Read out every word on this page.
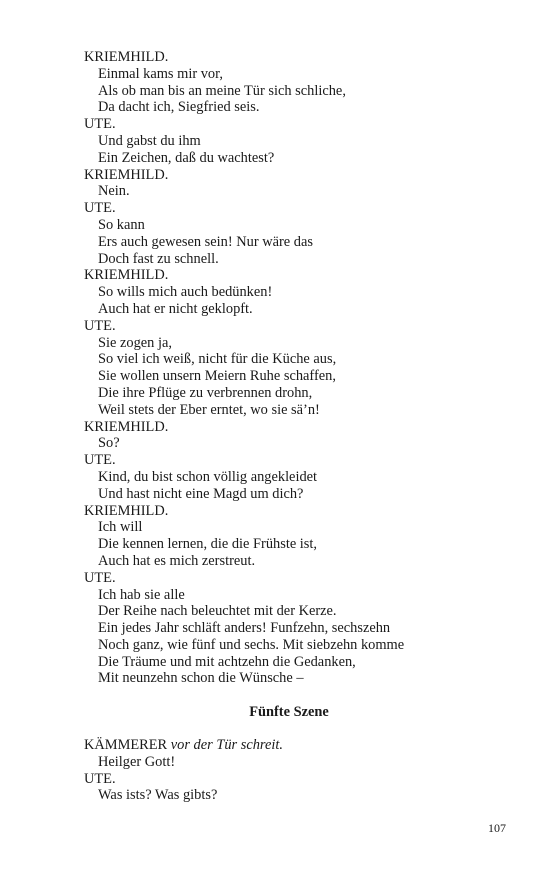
KRIEMHILD.
Einmal kams mir vor,
Als ob man bis an meine Tür sich schliche,
Da dacht ich, Siegfried seis.
UTE.
Und gabst du ihm
Ein Zeichen, daß du wachtest?
KRIEMHILD.
Nein.
UTE.
So kann
Ers auch gewesen sein! Nur wäre das
Doch fast zu schnell.
KRIEMHILD.
So wills mich auch bedünken!
Auch hat er nicht geklopft.
UTE.
Sie zogen ja,
So viel ich weiß, nicht für die Küche aus,
Sie wollen unsern Meiern Ruhe schaffen,
Die ihre Pflüge zu verbrennen drohn,
Weil stets der Eber erntet, wo sie sä’n!
KRIEMHILD.
So?
UTE.
Kind, du bist schon völlig angekleidet
Und hast nicht eine Magd um dich?
KRIEMHILD.
Ich will
Die kennen lernen, die die Frühste ist,
Auch hat es mich zerstreut.
UTE.
Ich hab sie alle
Der Reihe nach beleuchtet mit der Kerze.
Ein jedes Jahr schläft anders! Funfzehn, sechszehn
Noch ganz, wie fünf und sechs. Mit siebzehn komme
Die Träume und mit achtzehn die Gedanken,
Mit neunzehn schon die Wünsche –
Fünfte Szene
KÄMMERER vor der Tür schreit.
Heilger Gott!
UTE.
Was ists? Was gibts?
107
